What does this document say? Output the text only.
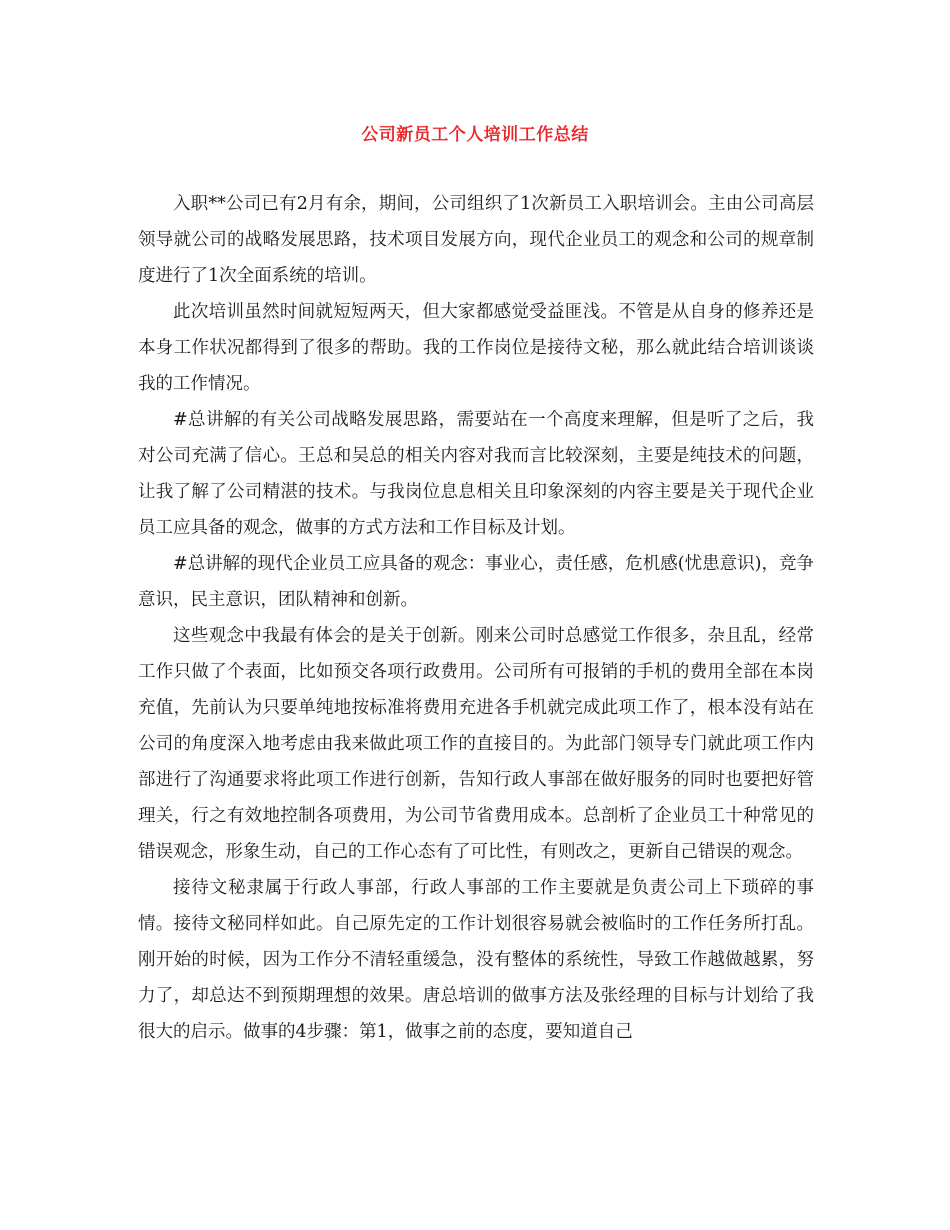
公司新员工个人培训工作总结

入职**公司已有2月有余，期间，公司组织了1次新员工入职培训会。主由公司高层领导就公司的战略发展思路，技术项目发展方向，现代企业员工的观念和公司的规章制度进行了1次全面系统的培训。

此次培训虽然时间就短短两天，但大家都感觉受益匪浅。不管是从自身的修养还是本身工作状况都得到了很多的帮助。我的工作岗位是接待文秘，那么就此结合培训谈谈我的工作情况。

#总讲解的有关公司战略发展思路，需要站在一个高度来理解，但是听了之后，我对公司充满了信心。王总和吴总的相关内容对我而言比较深刻，主要是纯技术的问题，让我了解了公司精湛的技术。与我岗位息息相关且印象深刻的内容主要是关于现代企业员工应具备的观念，做事的方式方法和工作目标及计划。

#总讲解的现代企业员工应具备的观念：事业心，责任感，危机感(忧患意识)，竞争意识，民主意识，团队精神和创新。

这些观念中我最有体会的是关于创新。刚来公司时总感觉工作很多，杂且乱，经常工作只做了个表面，比如预交各项行政费用。公司所有可报销的手机的费用全部在本岗充值，先前认为只要单纯地按标准将费用充进各手机就完成此项工作了，根本没有站在公司的角度深入地考虑由我来做此项工作的直接目的。为此部门领导专门就此项工作内部进行了沟通要求将此项工作进行创新，告知行政人事部在做好服务的同时也要把好管理关，行之有效地控制各项费用，为公司节省费用成本。总剖析了企业员工十种常见的错误观念，形象生动，自己的工作心态有了可比性，有则改之，更新自己错误的观念。

接待文秘隶属于行政人事部，行政人事部的工作主要就是负责公司上下琐碎的事情。接待文秘同样如此。自己原先定的工作计划很容易就会被临时的工作任务所打乱。刚开始的时候，因为工作分不清轻重缓急，没有整体的系统性，导致工作越做越累，努力了，却总达不到预期理想的效果。唐总培训的做事方法及张经理的目标与计划给了我很大的启示。做事的4步骤：第1，做事之前的态度，要知道自己
